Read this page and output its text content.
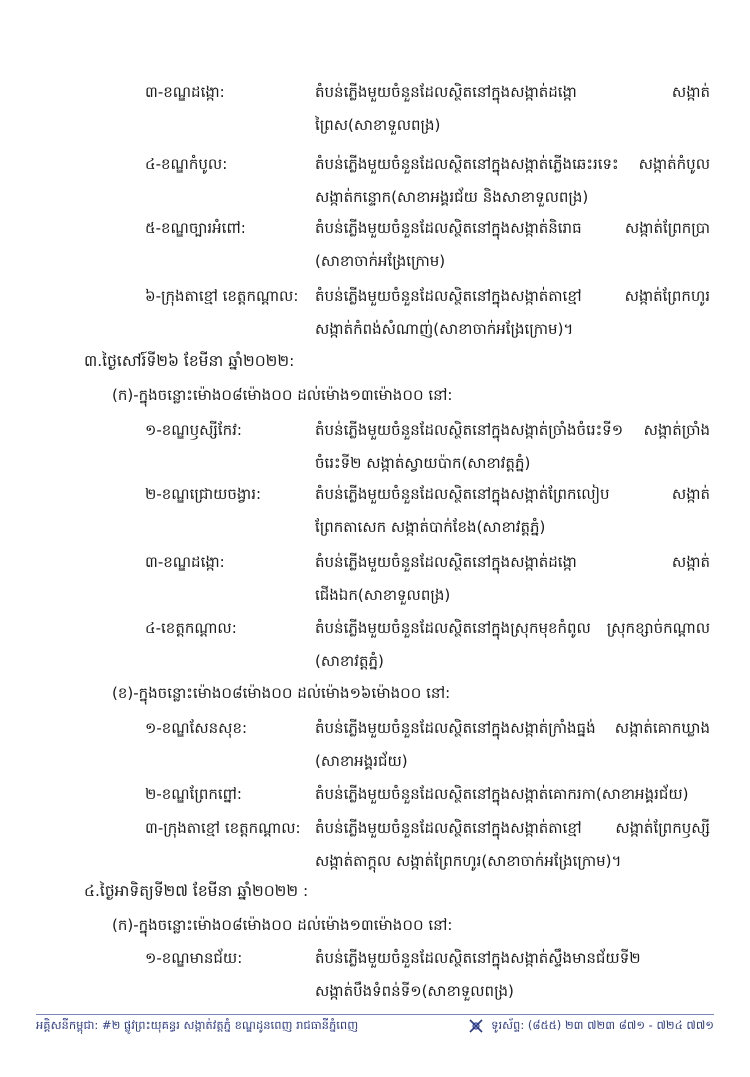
៣-ខណ្ឌដង្កោ:	តំបន់ភ្លើងមួយចំនួនដែលស្ថិតនៅក្នុងសង្កាត់ដង្កោ សង្កាត់ព្រៃស(សាខាទួលពង្រ)
៤-ខណ្ឌកំបូល:	តំបន់ភ្លើងមួយចំនួនដែលស្ថិតនៅក្នុងសង្កាត់ភ្លើងឆេះរទេះ សង្កាត់កំបូល សង្កាត់កន្ទោក(សាខាអង្គរជ័យ និងសាខាទួលពង្រ)
៥-ខណ្ឌច្បារអំពៅ:	តំបន់ភ្លើងមួយចំនួនដែលស្ថិតនៅក្នុងសង្កាត់និរោធ សង្កាត់ព្រែកប្រា (សាខាចាក់អង្រែក្រោម)
៦-ក្រុងតាខ្មៅ ខេត្តកណ្ដាល:	តំបន់ភ្លើងមួយចំនួនដែលស្ថិតនៅក្នុងសង្កាត់តាខ្មៅ សង្កាត់ព្រែកហូរ សង្កាត់កំពង់សំណាញ់(សាខាចាក់អង្រែក្រោម)។
៣.ថ្ងៃសៅរ៍ទី២៦ ខែមីនា ឆ្នាំ២០២២:
(ក)-ក្នុងចន្លោះម៉ោង០៨ម៉ោង០០ ដល់ម៉ោង១៣ម៉ោង០០ នៅ:
១-ខណ្ឌឫស្សីកែវ:	តំបន់ភ្លើងមួយចំនួនដែលស្ថិតនៅក្នុងសង្កាត់ច្រាំងចំរេះទី១ សង្កាត់ច្រាំងចំរេះទី២ សង្កាត់ស្វាយប៉ាក(សាខាវត្តភ្នំ)
២-ខណ្ឌជ្រោយចង្វារ:	តំបន់ភ្លើងមួយចំនួនដែលស្ថិតនៅក្នុងសង្កាត់ព្រែកលៀប សង្កាត់ព្រែកតាសេក សង្កាត់បាក់ខែង(សាខាវត្តភ្នំ)
៣-ខណ្ឌដង្កោ:	តំបន់ភ្លើងមួយចំនួនដែលស្ថិតនៅក្នុងសង្កាត់ដង្កោ សង្កាត់ជើងឯក(សាខាទួលពង្រ)
៤-ខេត្តកណ្ដាល:	តំបន់ភ្លើងមួយចំនួនដែលស្ថិតនៅក្នុងស្រុកមុខកំពូល ស្រុកខ្សាច់កណ្ដាល (សាខាវត្តភ្នំ)
(ខ)-ក្នុងចន្លោះម៉ោង០៨ម៉ោង០០ ដល់ម៉ោង១៦ម៉ោង០០ នៅ:
១-ខណ្ឌសែនសុខ:	តំបន់ភ្លើងមួយចំនួនដែលស្ថិតនៅក្នុងសង្កាត់ក្រាំងធ្នង់ សង្កាត់គោកឃ្លាង (សាខាអង្គរជ័យ)
២-ខណ្ឌព្រែកព្នៅ:	តំបន់ភ្លើងមួយចំនួនដែលស្ថិតនៅក្នុងសង្កាត់គោករកា(សាខាអង្គរជ័យ)
៣-ក្រុងតាខ្មៅ ខេត្តកណ្ដាល: តំបន់ភ្លើងមួយចំនួនដែលស្ថិតនៅក្នុងសង្កាត់តាខ្មៅ សង្កាត់ព្រែកឫស្សី សង្កាត់តាក្ដុល សង្កាត់ព្រែកហូរ(សាខាចាក់អង្រែក្រោម)។
៤.ថ្ងៃអាទិត្យទី២៧ ខែមីនា ឆ្នាំ២០២២ :
(ក)-ក្នុងចន្លោះម៉ោង០៨ម៉ោង០០ ដល់ម៉ោង១៣ម៉ោង០០ នៅ:
១-ខណ្ឌមានជ័យ:	តំបន់ភ្លើងមួយចំនួនដែលស្ថិតនៅក្នុងសង្កាត់ស្ទឹងមានជ័យទី២ សង្កាត់បឹងទំពន់ទី១(សាខាទួលពង្រ)
អគ្គិសនីកម្ពុជា: #២ ផ្លូវព្រះយុគន្ធរ សង្កាត់វត្តភ្នំ ខណ្ឌដូនពេញ រាជធានីភ្នំពេញ	ទូរស័ព្ទ: (៨៥៥) ២៣ ៧២៣ ៨៧១ - ៧២៤ ៧៧១
